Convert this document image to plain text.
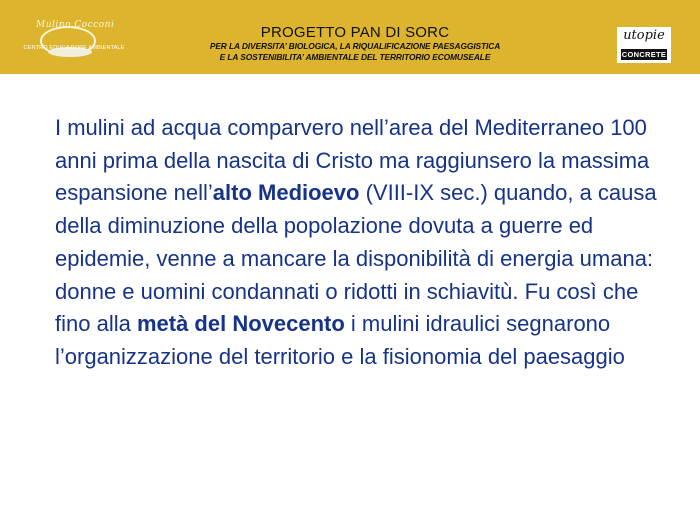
Mulino Cocconi
CENTRO EDUCAZIONE AMBIENTALE
PROGETTO PAN DI SORC
PER LA DIVERSITA’ BIOLOGICA, LA RIQUALIFICAZIONE PAESAGGISTICA
E LA SOSTENIBILITA’ AMBIENTALE DEL TERRITORIO ECOMUSEALE
utopie
CONCRETE
I mulini ad acqua comparvero nell’area del Mediterraneo 100 anni prima della nascita di Cristo ma raggiunsero la massima espansione nell’alto Medioevo (VIII-IX sec.) quando, a causa della diminuzione della popolazione dovuta a guerre ed epidemie, venne a mancare la disponibilità di energia umana: donne e uomini condannati o ridotti in schiavitù. Fu così che fino alla metà del Novecento i mulini idraulici segnarono l’organizzazione del territorio e la fisionomia del paesaggio
